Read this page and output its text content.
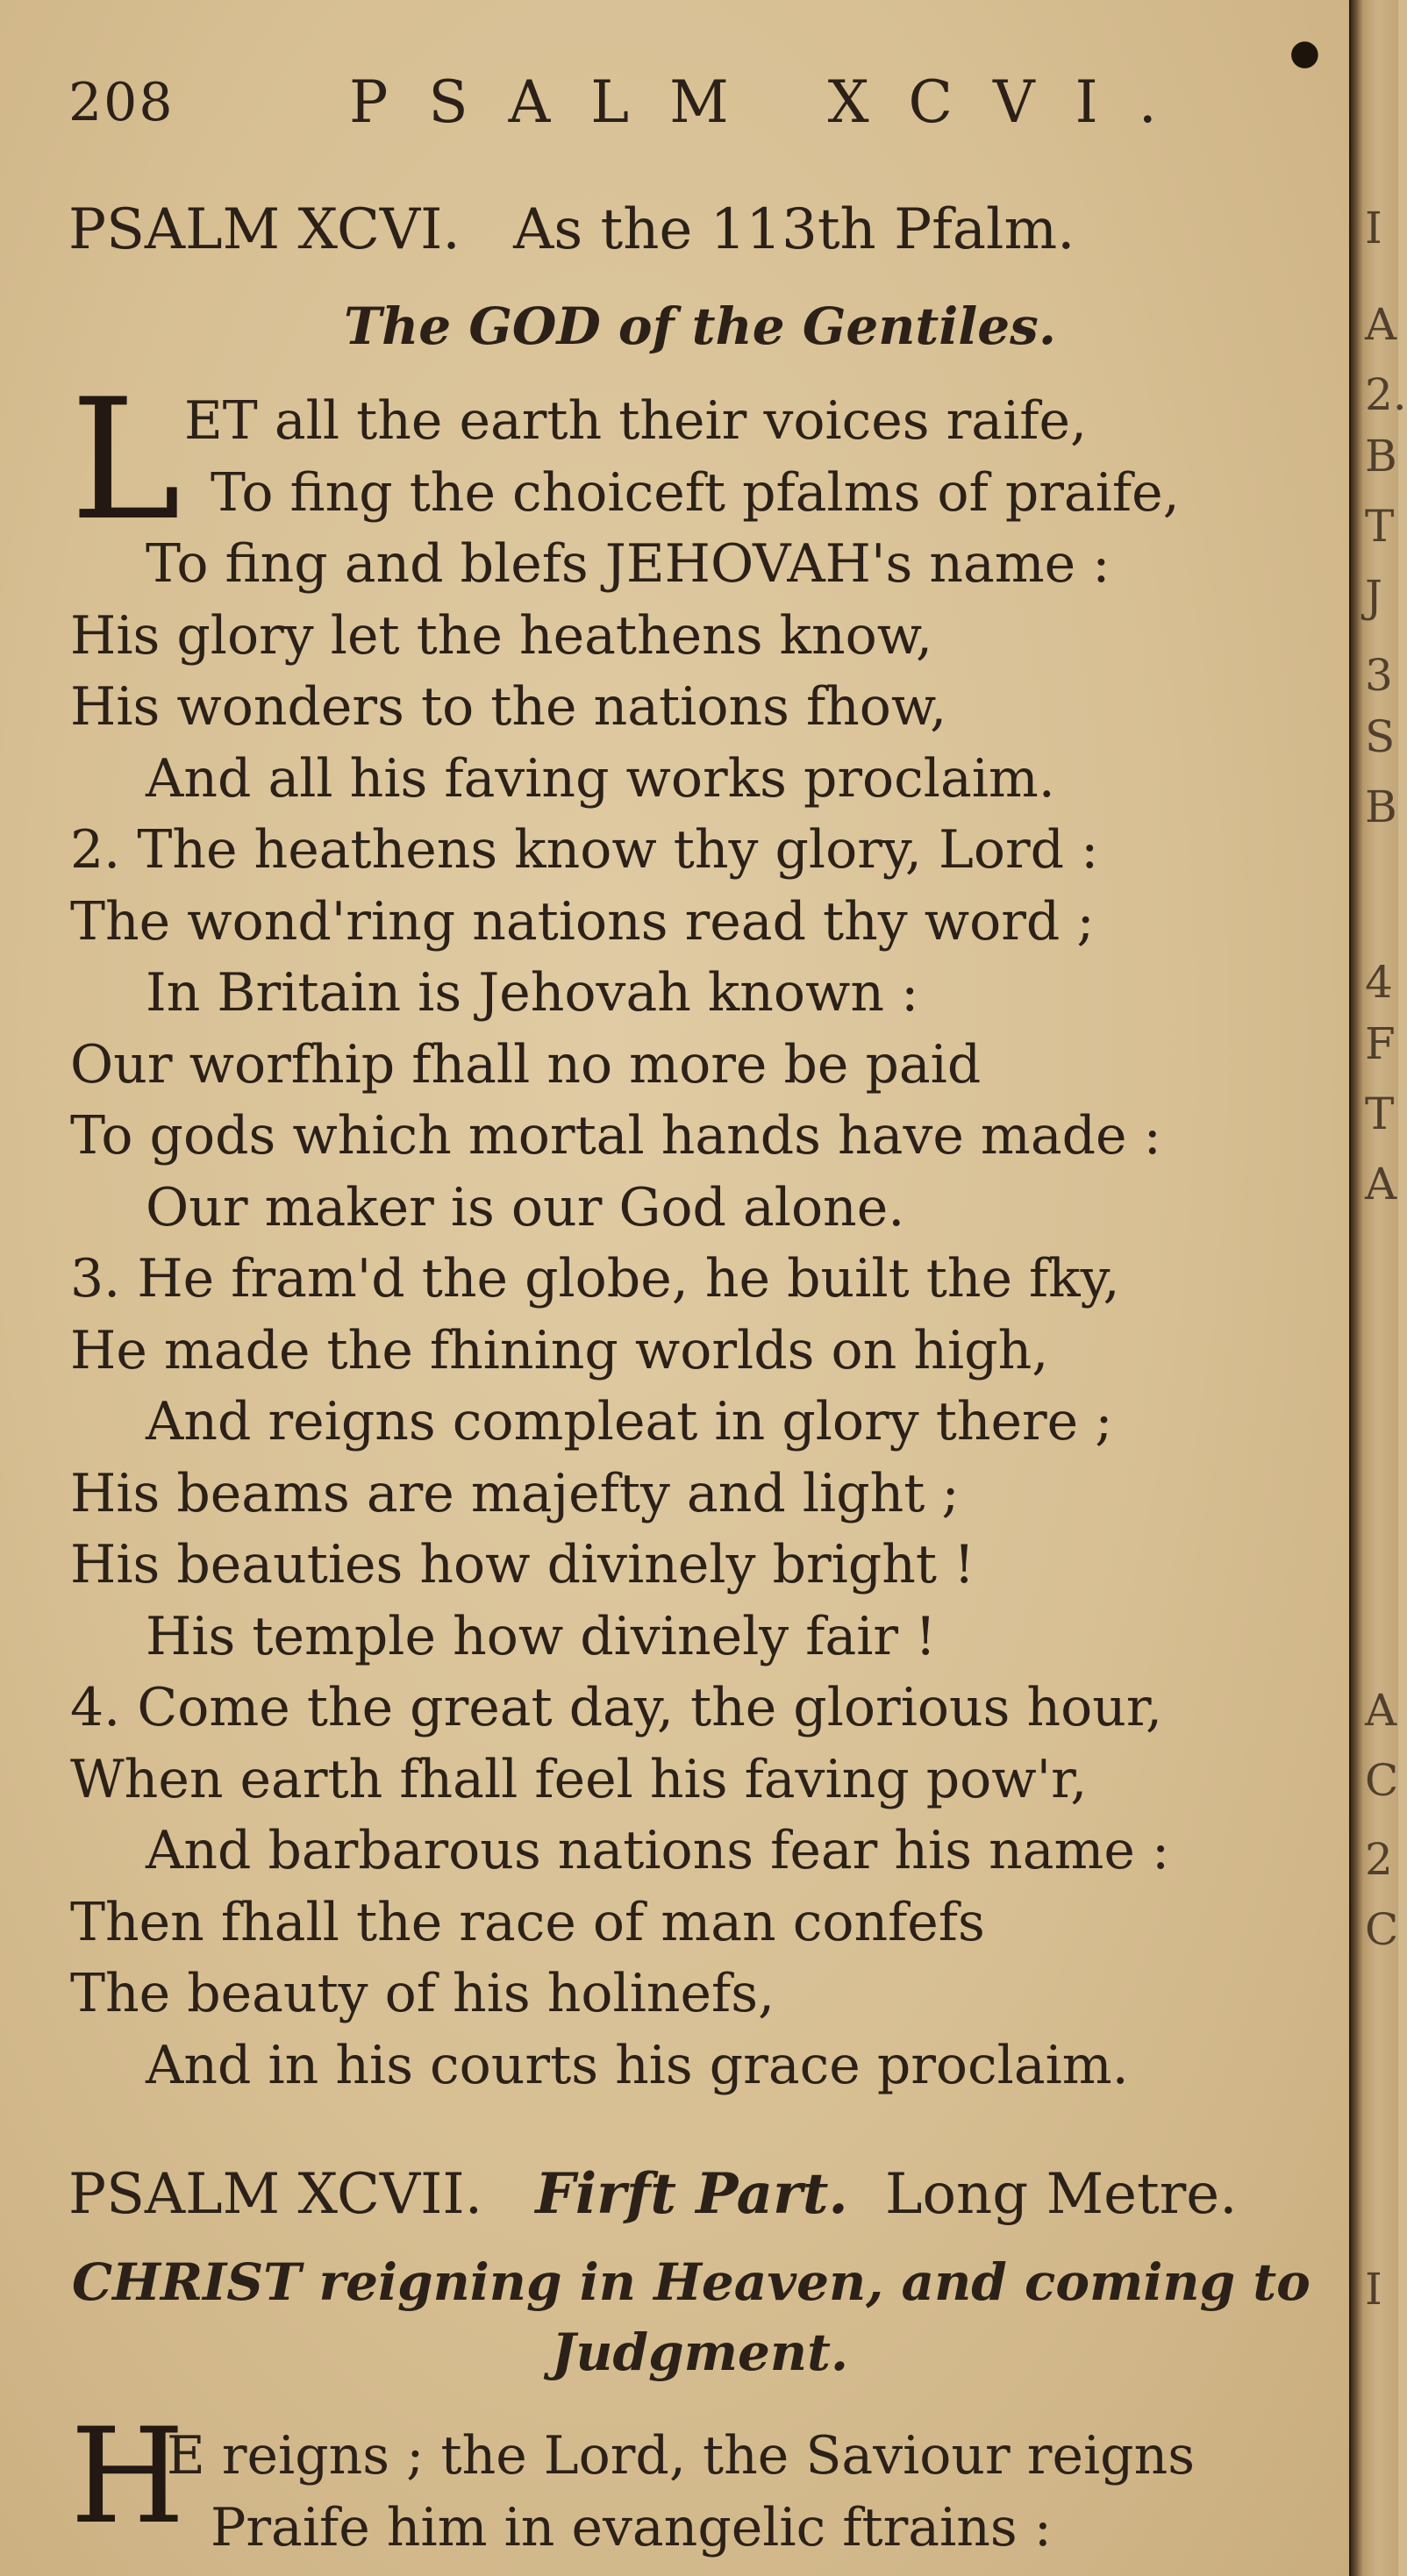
208	PSALM XCVI.
●
PSALM XCVI. As the 113th Pfalm.
The GOD of the Gentiles.
L ET all the earth their voices raife,
To fing the choiceft pfalms of praife,
To fing and blefs JEHOVAH's name :
His glory let the heathens know,
His wonders to the nations fhow,
And all his faving works proclaim.
2. The heathens know thy glory, Lord :
The wond'ring nations read thy word ;
In Britain is Jehovah known :
Our worfhip fhall no more be paid
To gods which mortal hands have made :
Our maker is our God alone.
3. He fram'd the globe, he built the fky,
He made the fhining worlds on high,
And reigns compleat in glory there ;
His beams are majefty and light ;
His beauties how divinely bright !
His temple how divinely fair !
4. Come the great day, the glorious hour,
When earth fhall feel his faving pow'r,
And barbarous nations fear his name :
Then fhall the race of man confefs
The beauty of his holinefs,
And in his courts his grace proclaim.
PSALM XCVII. Firft Part. Long Metre.
CHRIST reigning in Heaven, and coming to
Judgment.
H
E reigns ; the Lord, the Saviour reigns
Praife him in evangelic ftrains :
I
A
2.
B
T
J
3
S
B
4
F
T
A
A
C
2
C
I
